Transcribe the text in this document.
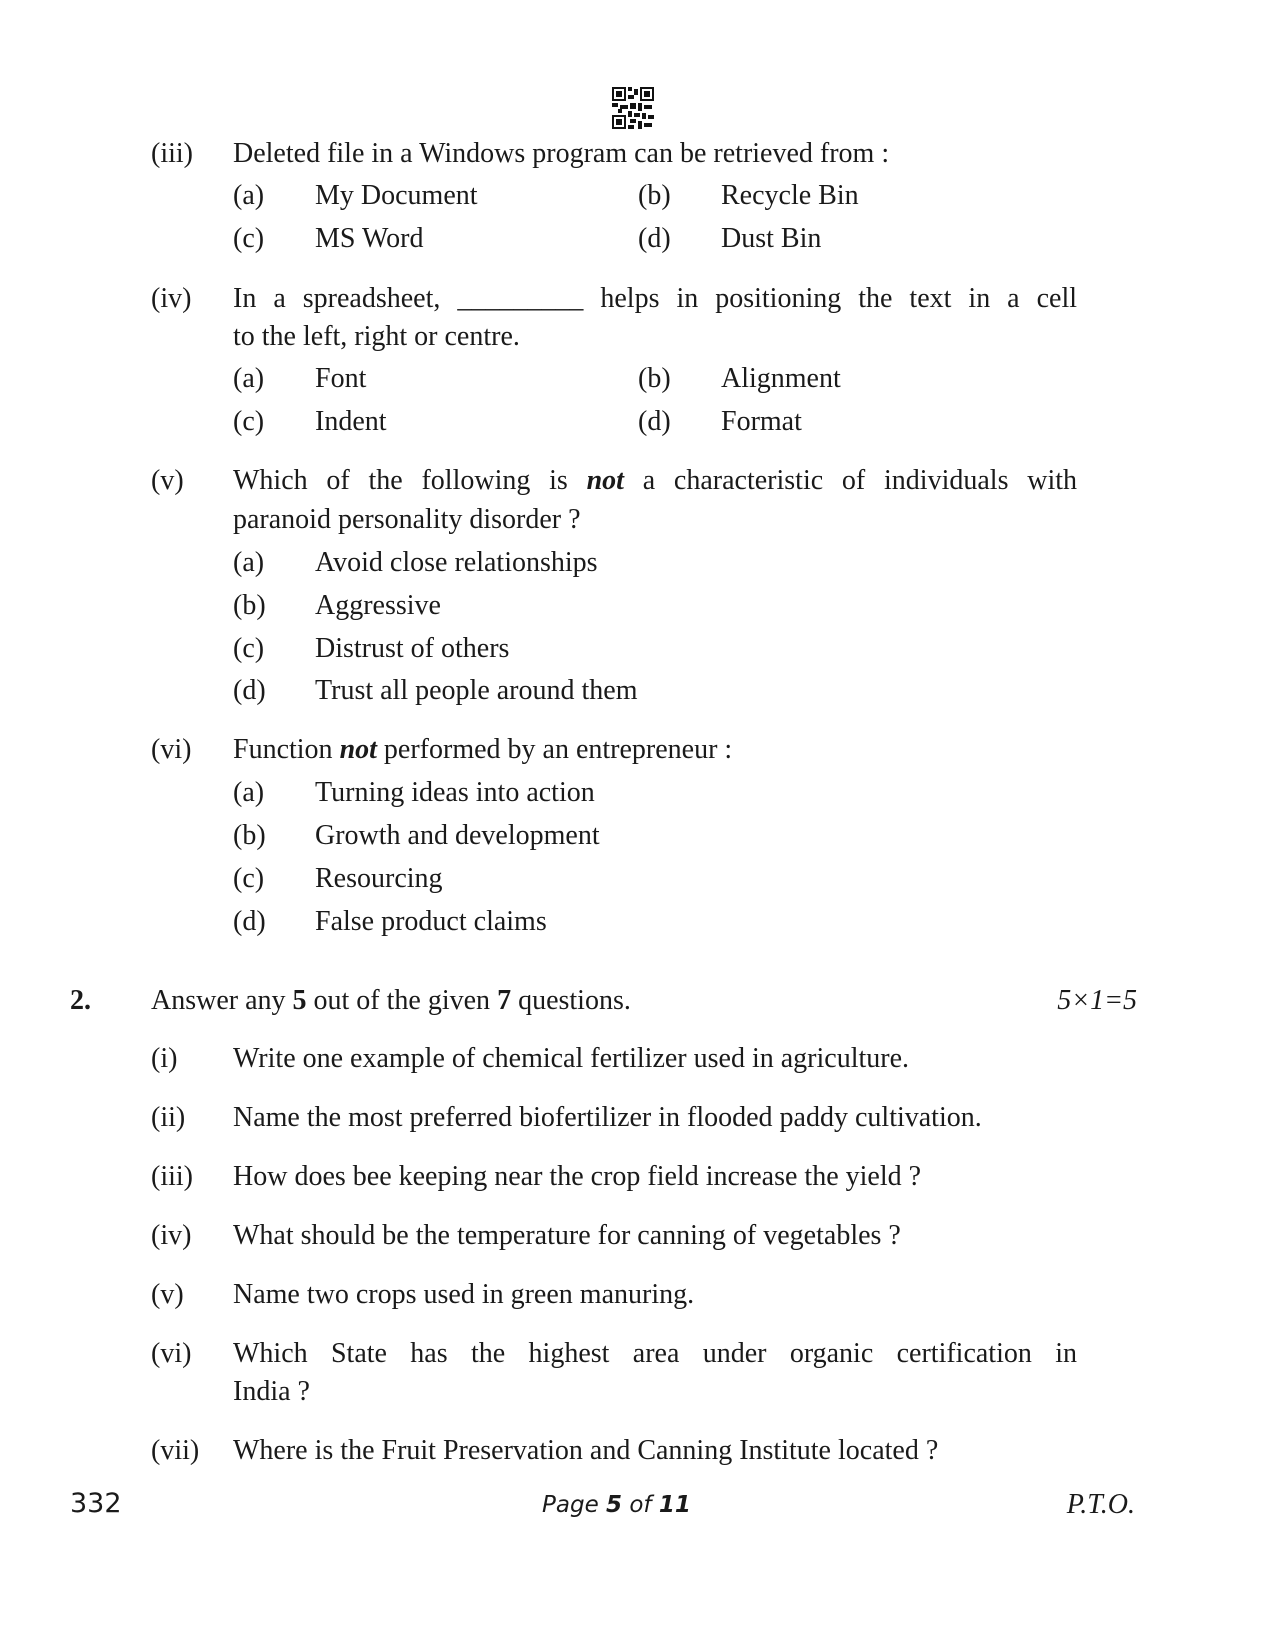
(iii) Deleted file in a Windows program can be retrieved from :
(a) My Document	(b) Recycle Bin
(c) MS Word	(d) Dust Bin
(iv) In a spreadsheet, _________ helps in positioning the text in a cell
to the left, right or centre.
(a) Font	(b) Alignment
(c) Indent	(d) Format
(v) Which of the following is not a characteristic of individuals with
paranoid personality disorder ?
(a) Avoid close relationships
(b) Aggressive
(c) Distrust of others
(d) Trust all people around them
(vi) Function not performed by an entrepreneur :
(a) Turning ideas into action
(b) Growth and development
(c) Resourcing
(d) False product claims
2. Answer any 5 out of the given 7 questions.	5×1=5
(i) Write one example of chemical fertilizer used in agriculture.
(ii) Name the most preferred biofertilizer in flooded paddy cultivation.
(iii) How does bee keeping near the crop field increase the yield ?
(iv) What should be the temperature for canning of vegetables ?
(v) Name two crops used in green manuring.
(vi) Which State has the highest area under organic certification in
India ?
(vii) Where is the Fruit Preservation and Canning Institute located ?
332	Page 5 of 11	P.T.O.
